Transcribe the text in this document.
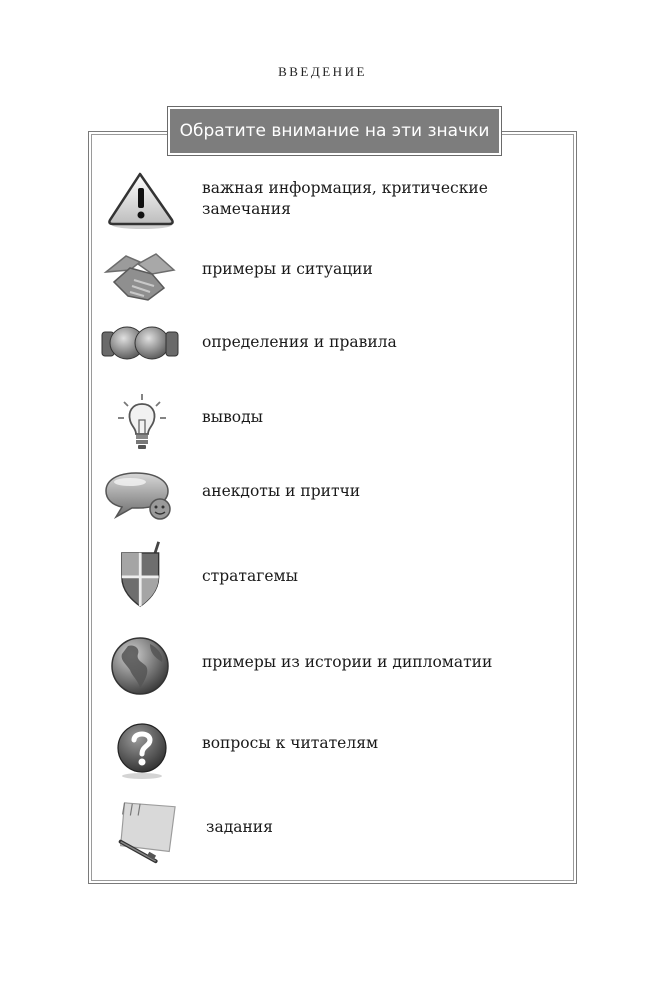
ВВЕДЕНИЕ
Обратите внимание на эти значки
важная информация, критические замечания
примеры и ситуации
определения и правила
выводы
анекдоты и притчи
стратагемы
примеры из истории и дипломатии
вопросы к читателям
задания
